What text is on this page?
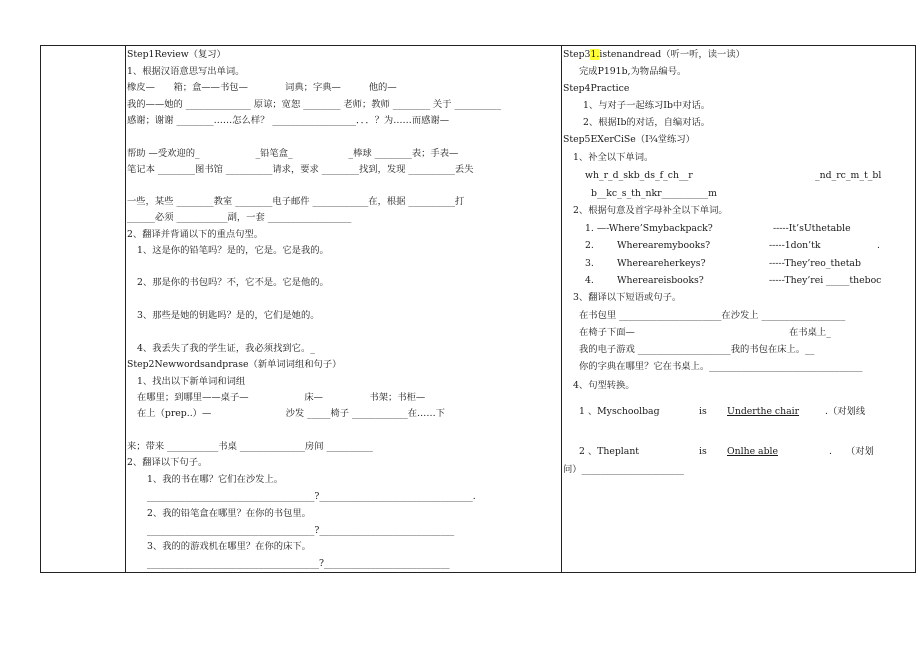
Step1Review（复习）
1、根据汉语意思写出单词。
橡皮—　　箱；盒——书包—　　　　词典；字典—　　　他的—
我的——她的 ______________ 原谅；宽恕 ________ 老师；教师 ________ 关于 __________
感谢；谢谢 ________……怎么样？ __________________．．．？为……而感谢—
帮助 —受欢迎的_　　　　　　_铅笔盒_　　　　　　_棒球 ________表；手表—
笔记本 ________图书馆 __________请求，要求 ________找到，发现 __________丢失
一些，某些 ________教室 ________电子邮件 ____________在，根据 __________打
______必须 ___________副，一套 __________________
2、翻译并背诵以下的重点句型。
1、这是你的铅笔吗？是的，它是。它是我的。
2、那是你的书包吗？不，它不是。它是他的。
3、那些是她的钥匙吗？是的，它们是她的。
4、我丢失了我的学生证，我必须找到它。_
Step2Newwordsandprase（新单词词组和句子）
1、找出以下新单词和词组
在哪里；到哪里——桌子—　　　　　　床—　　　　　书架；书柜—
在上（prep..）—　　　　　　　　沙发 _____椅子 ____________在……下
来；带来 ___________书桌 ______________房间 __________
2、翻译以下句子。
1、我的书在哪？它们在沙发上。
____________________________________?_________________________________.
2、我的铅笔盒在哪里？在你的书包里。
____________________________________?_____________________________
3、我的的游戏机在哪里？在你的床下。
_____________________________________?___________________________
Step31.istenandread（听一听，读一读）
完成P191b,为物品编号。
Step4Practice
1、与对子一起练习Ib中对话。
2、根据Ib的对话，自编对话。
Step5EXerCiSe（I¾堂练习）
1、补全以下单词。
wh_r_d_skb_ds_f_ch__r	_nd_rc_m_t_bl
b__kc_s_th_nkr__________m
2、根据句意及首字母补全以下单词。
1. —-Where’Smybackpack?	-----It’sUthetable
2. Wherearemybooks?	-----1don’tk	.
3. Whereareherkeys?	-----They’reo_thetab
4. Whereareisbooks?	-----They’rei _____theboc
3、翻译以下短语或句子。
在书包里 ______________________在沙发上 __________________
在椅子下面—	在书桌上_
我的电子游戏 ____________________我的书包在床上。__
你的字典在哪里？它在书桌上。_________________________________
4、句型转换。
1 、Myschoolbag	is Underthe chair	.（对划线
2 、Theplant	is Onlhe able	.　　（对划
问）______________________
